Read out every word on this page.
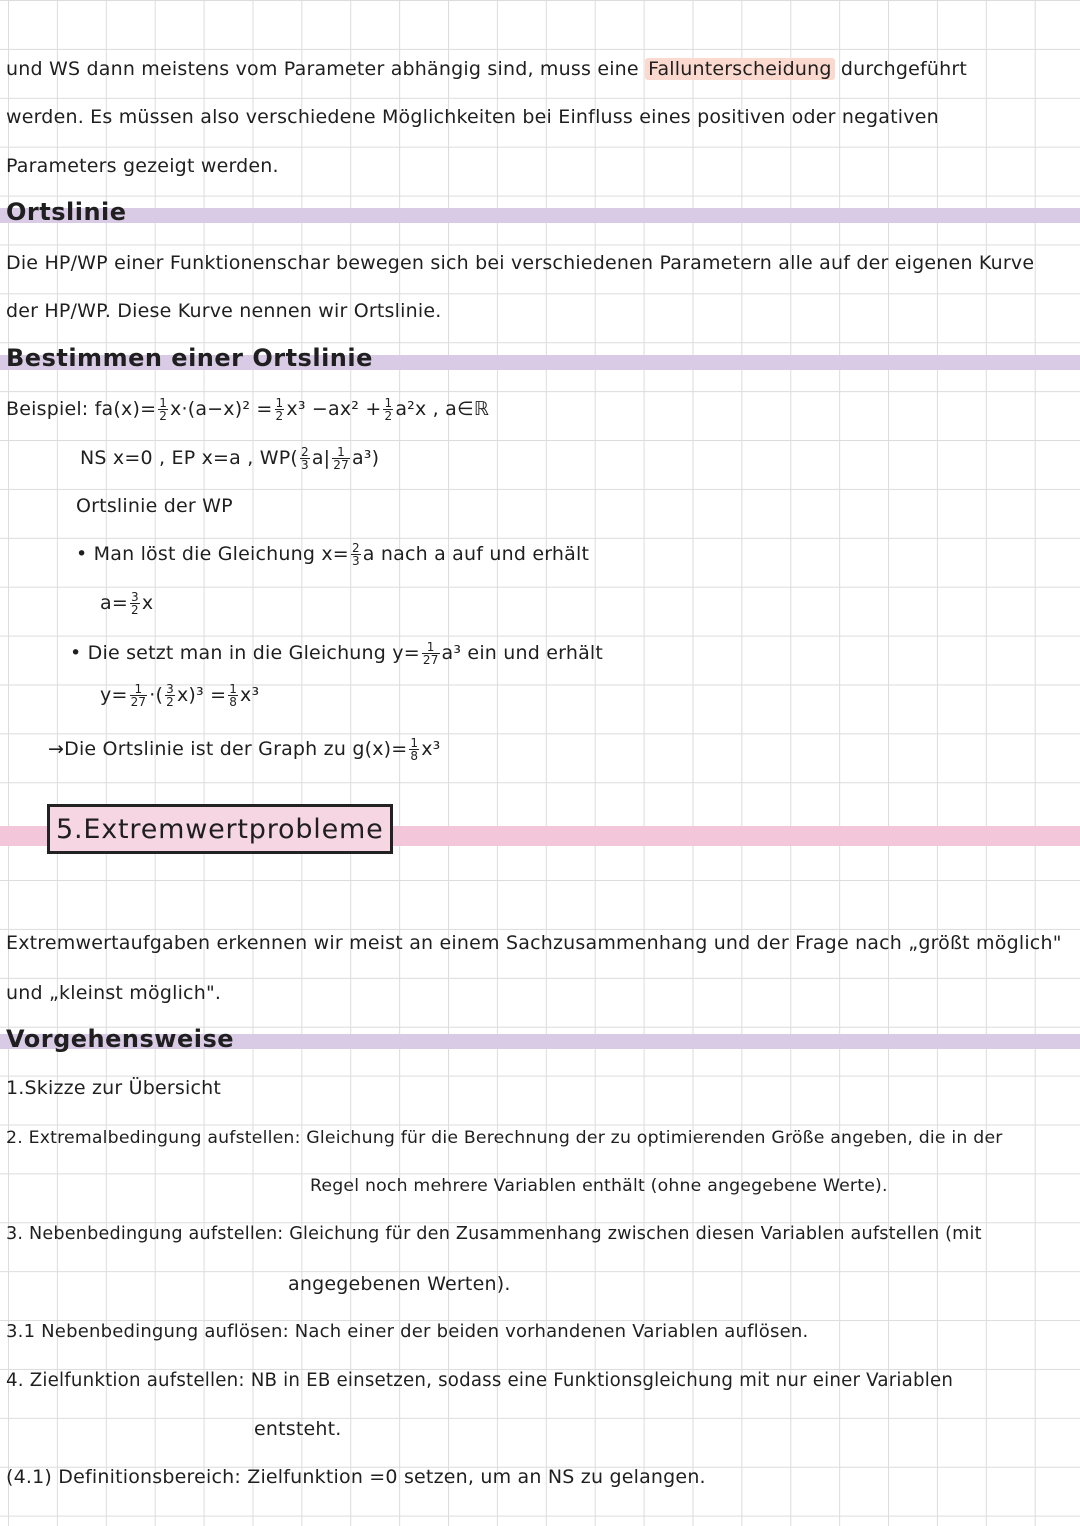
und WS dann meistens vom Parameter abhängig sind, muss eine Fallunterscheidung durchgeführt
werden. Es müssen also verschiedene Möglichkeiten bei Einfluss eines positiven oder negativen
Parameters gezeigt werden.
Ortslinie
Die HP/WP einer Funktionenschar bewegen sich bei verschiedenen Parametern alle auf der eigenen Kurve
der HP/WP. Diese Kurve nennen wir Ortslinie.
Bestimmen einer Ortslinie
Beispiel: $fa(x)= \frac{1}{2} x\cdot(a-x)^2 = \frac{1}{2} x^3 -ax^2 + \frac{1}{2} a^2x$ , a∈ℝ
NS x=0 , EP x=a , $WP( \frac{2}{3} a| \frac{1}{27} a^3)$
Ortslinie der WP
• Man löst die Gleichung $x= \frac{2}{3}$ a nach a auf und erhält
$a= \frac{3}{2}$ x
• Die setzt man in die Gleichung $y= \frac{1}{27} a^3$ ein und erhält
$y= \frac{1}{27}$ ·( $\frac{3}{2} x)^3 = \frac{1}{8} x^3$
→Die Ortslinie ist der Graph zu $g(x)= \frac{1}{8} x^3$
5.Extremwertprobleme
Extremwertaufgaben erkennen wir meist an einem Sachzusammenhang und der Frage nach „größt möglich"
und „kleinst möglich".
Vorgehensweise
1.Skizze zur Übersicht
2. Extremalbedingung aufstellen: Gleichung für die Berechnung der zu optimierenden Größe angeben, die in der
Regel noch mehrere Variablen enthält (ohne angegebene Werte).
3. Nebenbedingung aufstellen: Gleichung für den Zusammenhang zwischen diesen Variablen aufstellen (mit
angegebenen Werten).
3.1 Nebenbedingung auflösen: Nach einer der beiden vorhandenen Variablen auflösen.
4. Zielfunktion aufstellen: NB in EB einsetzen, sodass eine Funktionsgleichung mit nur einer Variablen
entsteht.
(4.1) Definitionsbereich: Zielfunktion =0 setzen, um an NS zu gelangen.
